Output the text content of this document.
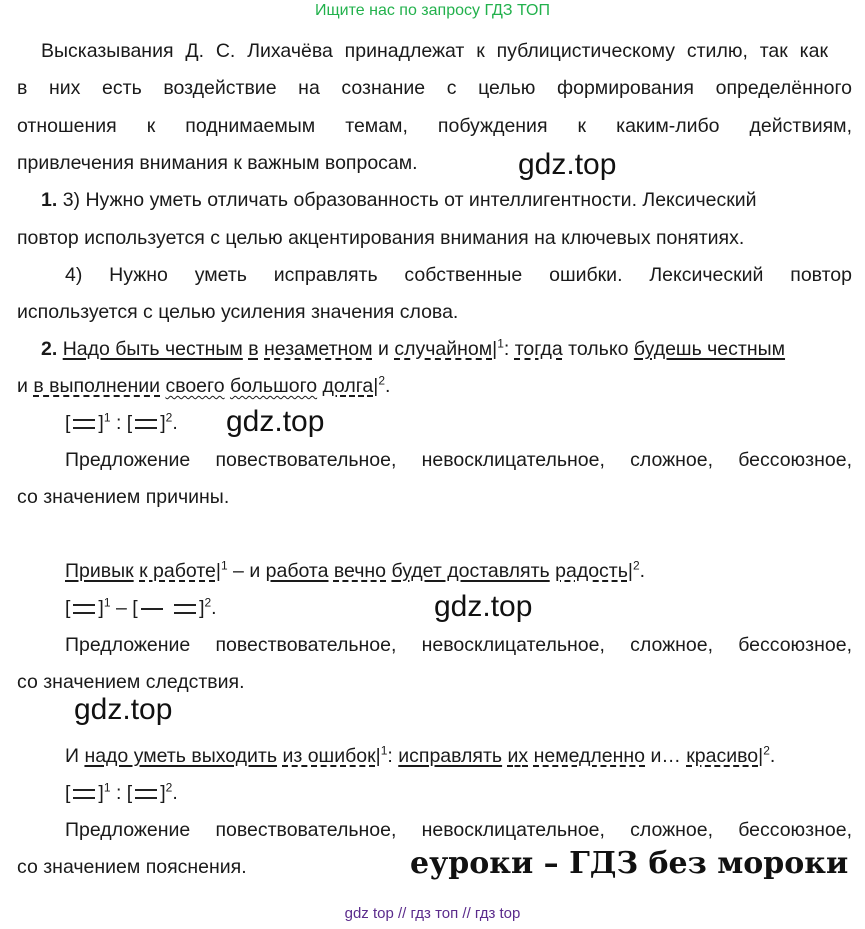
Ищите нас по запросу ГДЗ ТОП
Высказывания Д. С. Лихачёва принадлежат к публицистическому стилю, так как
в них есть воздействие на сознание с целью формирования определённого
отношения к поднимаемым темам, побуждения к каким-либо действиям,
привлечения внимания к важным вопросам.	gdz.top
1. 3) Нужно уметь отличать образованность от интеллигентности. Лексический
повтор используется с целью акцентирования внимания на ключевых понятиях.
4) Нужно уметь исправлять собственные ошибки. Лексический повтор
используется с целью усиления значения слова.
2. Надо быть честным в незаметном и $случайном|^1$: тогда только будешь честным
и в выполнении своего большого $долга|^2$.
[ ]$^1$ : [ ]$^2$. gdz.top
Предложение повествовательное, невосклицательное, сложное, бессоюзное,
со значением причины.
Привык к $работе|^1$ – и работа вечно будет доставлять $радость|^2$.
[ ]$^1$ – [	]$^2$.	gdz.top
Предложение повествовательное, невосклицательное, сложное, бессоюзное,
со значением следствия.
gdz.top
И надо уметь выходить из $ошибок|^1$: исправлять их немедленно и… $красиво|^2$.
[ ]$^1$ : [ ]$^2$.
Предложение повествовательное, невосклицательное, сложное, бессоюзное,
со значением пояснения.	еуроки – ГДЗ без мороки
gdz top // гдз топ // гдз top
